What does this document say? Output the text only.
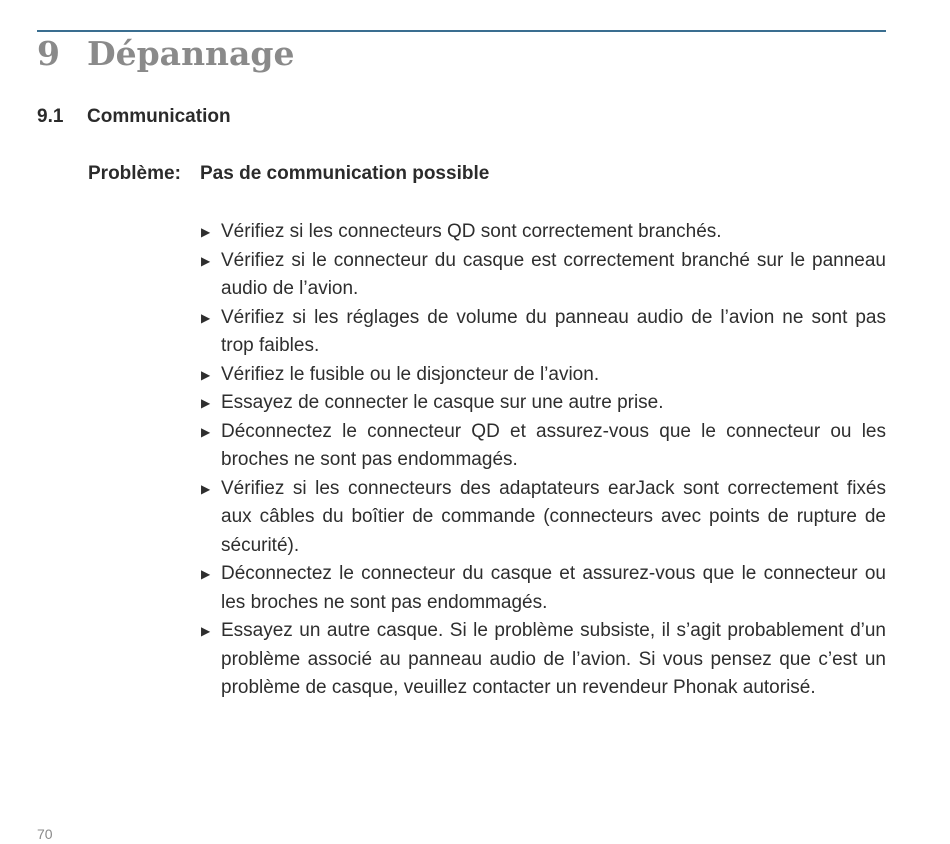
9 Dépannage
9.1	Communication
Problème:	Pas de communication possible
▶ Vérifiez si les connecteurs QD sont correctement branchés.
▶ Vérifiez si le connecteur du casque est correctement branché sur le panneau audio de l’avion.
▶ Vérifiez si les réglages de volume du panneau audio de l’avion ne sont pas trop faibles.
▶ Vérifiez le fusible ou le disjoncteur de l’avion.
▶ Essayez de connecter le casque sur une autre prise.
▶ Déconnectez le connecteur QD et assurez-vous que le connecteur ou les broches ne sont pas endommagés.
▶ Vérifiez si les connecteurs des adaptateurs earJack sont correctement fixés aux câbles du boîtier de commande (connecteurs avec points de rupture de sécurité).
▶ Déconnectez le connecteur du casque et assurez-vous que le connecteur ou les broches ne sont pas endommagés.
▶ Essayez un autre casque. Si le problème subsiste, il s’agit probablement d’un problème associé au panneau audio de l’avion. Si vous pensez que c’est un problème de casque, veuillez contacter un revendeur Phonak autorisé.
70
